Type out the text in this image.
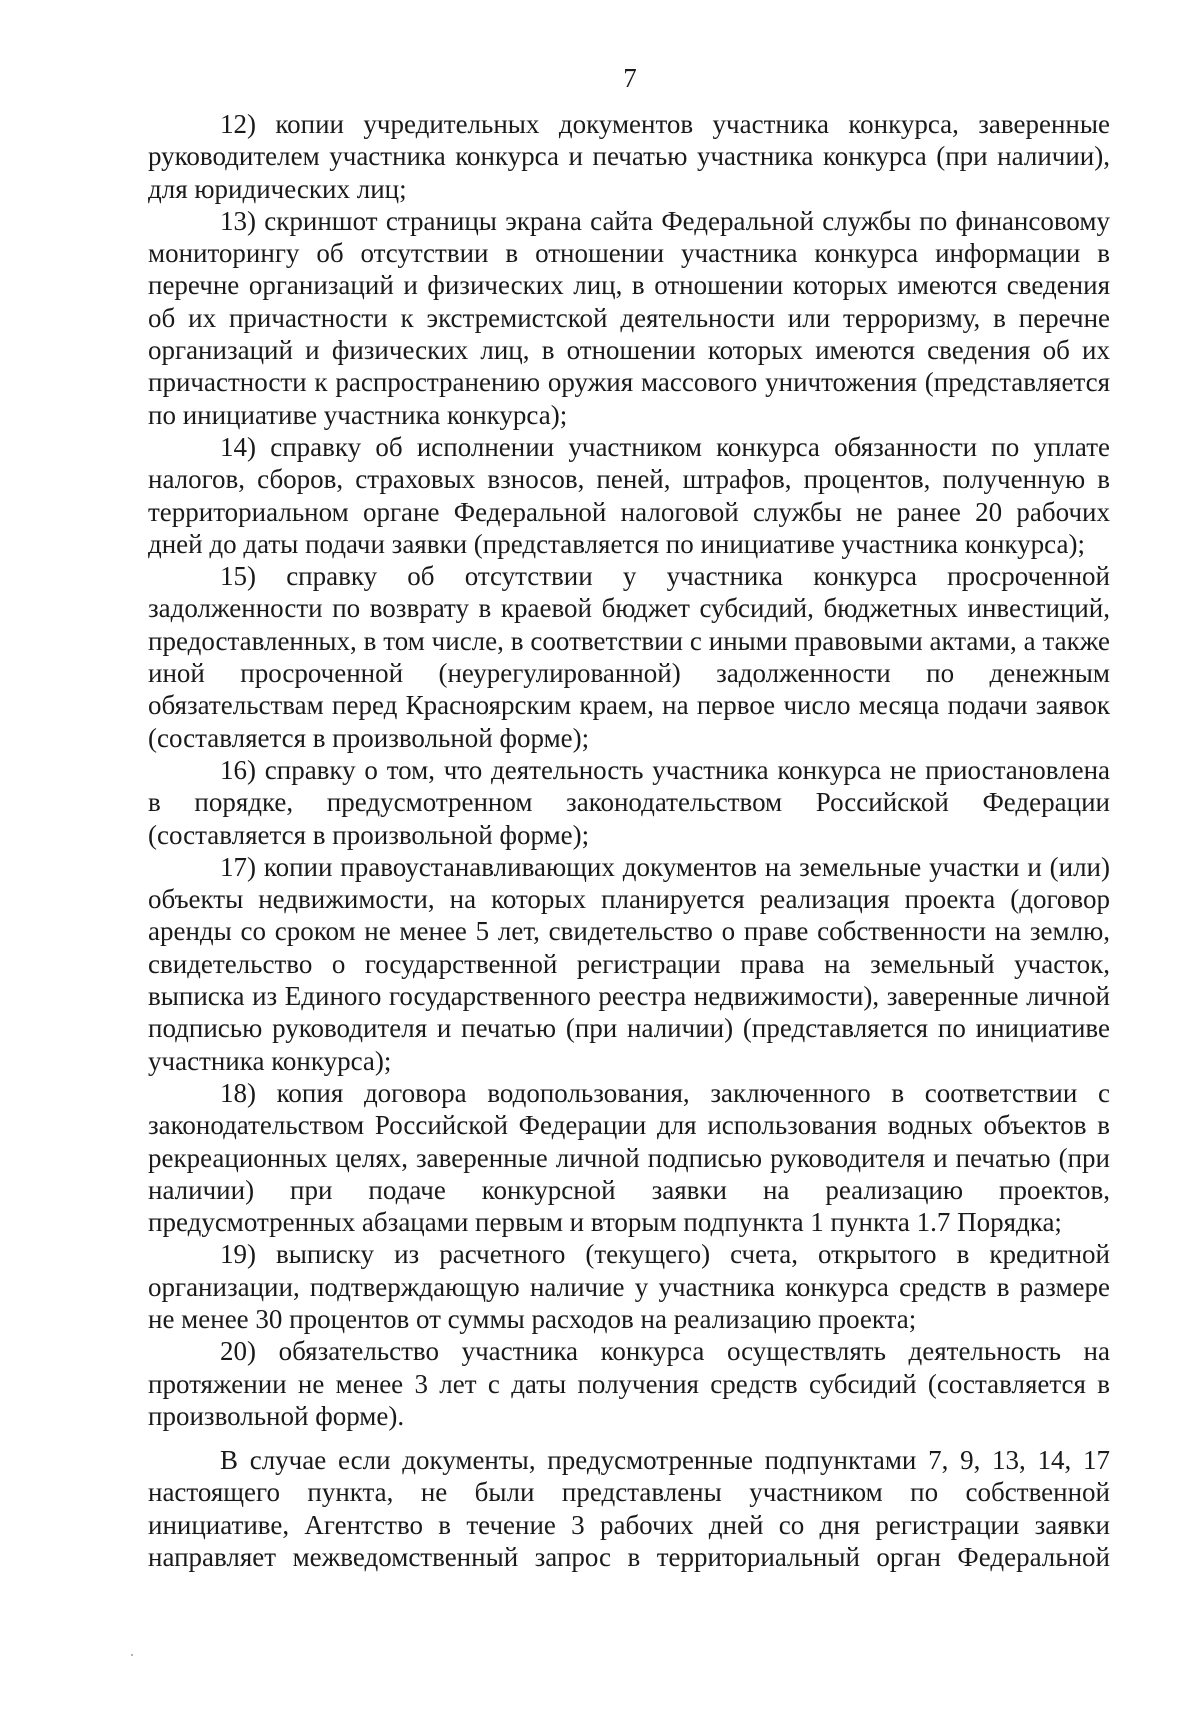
7

12) копии учредительных документов участника конкурса, заверенные руководителем участника конкурса и печатью участника конкурса (при наличии), для юридических лиц;

13) скриншот страницы экрана сайта Федеральной службы по финансовому мониторингу об отсутствии в отношении участника конкурса информации в перечне организаций и физических лиц, в отношении которых имеются сведения об их причастности к экстремистской деятельности или терроризму, в перечне организаций и физических лиц, в отношении которых имеются сведения об их причастности к распространению оружия массового уничтожения (представляется по инициативе участника конкурса);

14) справку об исполнении участником конкурса обязанности по уплате налогов, сборов, страховых взносов, пеней, штрафов, процентов, полученную в территориальном органе Федеральной налоговой службы не ранее 20 рабочих дней до даты подачи заявки (представляется по инициативе участника конкурса);

15) справку об отсутствии у участника конкурса просроченной задолженности по возврату в краевой бюджет субсидий, бюджетных инвестиций, предоставленных, в том числе, в соответствии с иными правовыми актами, а также иной просроченной (неурегулированной) задолженности по денежным обязательствам перед Красноярским краем, на первое число месяца подачи заявок (составляется в произвольной форме);

16) справку о том, что деятельность участника конкурса не приостановлена в порядке, предусмотренном законодательством Российской Федерации (составляется в произвольной форме);

17) копии правоустанавливающих документов на земельные участки и (или) объекты недвижимости, на которых планируется реализация проекта (договор аренды со сроком не менее 5 лет, свидетельство о праве собственности на землю, свидетельство о государственной регистрации права на земельный участок, выписка из Единого государственного реестра недвижимости), заверенные личной подписью руководителя и печатью (при наличии) (представляется по инициативе участника конкурса);

18) копия договора водопользования, заключенного в соответствии с законодательством Российской Федерации для использования водных объектов в рекреационных целях, заверенные личной подписью руководителя и печатью (при наличии) при подаче конкурсной заявки на реализацию проектов, предусмотренных абзацами первым и вторым подпункта 1 пункта 1.7 Порядка;

19) выписку из расчетного (текущего) счета, открытого в кредитной организации, подтверждающую наличие у участника конкурса средств в размере не менее 30 процентов от суммы расходов на реализацию проекта;

20) обязательство участника конкурса осуществлять деятельность на протяжении не менее 3 лет с даты получения средств субсидий (составляется в произвольной форме).

В случае если документы, предусмотренные подпунктами 7, 9, 13, 14, 17 настоящего пункта, не были представлены участником по собственной инициативе, Агентство в течение 3 рабочих дней со дня регистрации заявки направляет межведомственный запрос в территориальный орган Федеральной
